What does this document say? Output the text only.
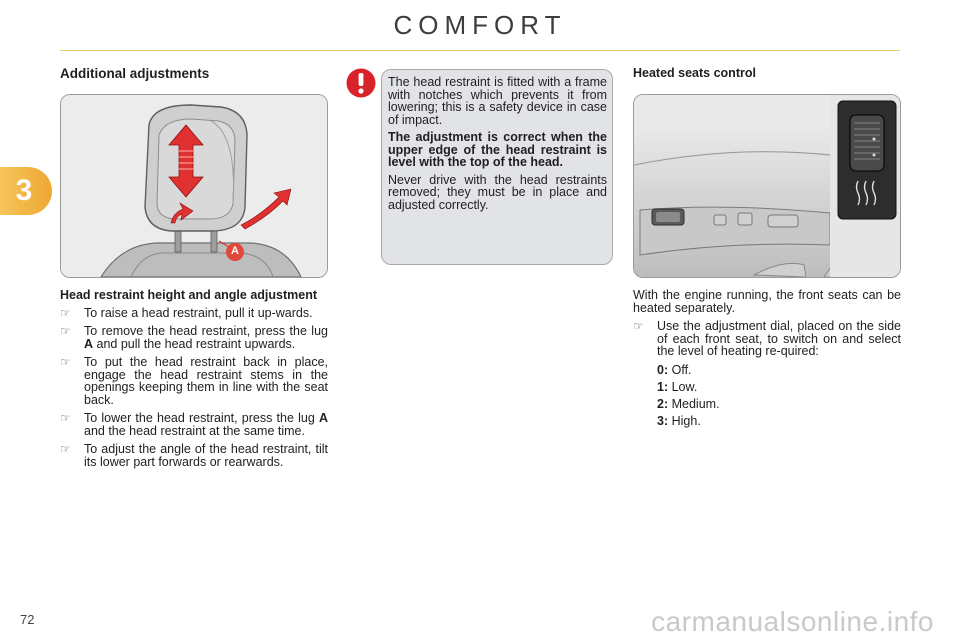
COMFORT
3
Additional adjustments
A

The head restraint is fitted with a frame with notches which prevents it from lowering; this is a safety device in case of impact.

The adjustment is correct when the upper edge of the head restraint is level with the top of the head.

Never drive with the head restraints removed; they must be in place and adjusted correctly.

Head restraint height and angle adjustment
☞ To raise a head restraint, pull it up-wards.
☞ To remove the head restraint, press the lug A and pull the head restraint upwards.
☞ To put the head restraint back in place, engage the head restraint stems in the openings keeping them in line with the seat back.
☞ To lower the head restraint, press the lug A and the head restraint at the same time.
☞ To adjust the angle of the head restraint, tilt its lower part forwards or rearwards.
Heated seats control

With the engine running, the front seats can be heated separately.

☞ Use the adjustment dial, placed on the side of each front seat, to switch on and select the level of heating re-quired:
0: Off.
1: Low.
2: Medium.
3: High.
72	carmanualsonline.info
